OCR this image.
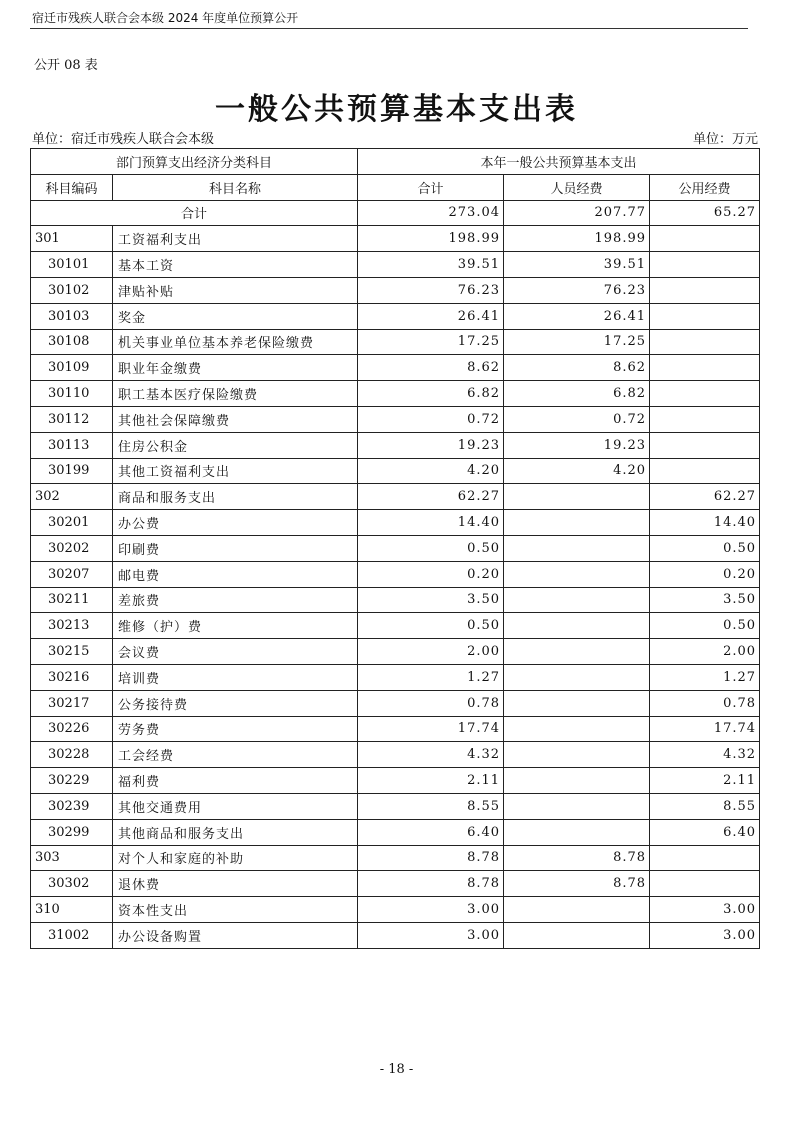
宿迁市残疾人联合会本级 2024 年度单位预算公开
公开 08 表
一般公共预算基本支出表
单位：宿迁市残疾人联合会本级	单位：万元
部门预算支出经济分类科目		本年一般公共预算基本支出		
科目编码	科目名称	合计	人员经费	公用经费
合计		273.04	207.77	65.27
301	工资福利支出	198.99	198.99	
30101	基本工资	39.51	39.51	
30102	津贴补贴	76.23	76.23	
30103	奖金	26.41	26.41	
30108	机关事业单位基本养老保险缴费	17.25	17.25	
30109	职业年金缴费	8.62	8.62	
30110	职工基本医疗保险缴费	6.82	6.82	
30112	其他社会保障缴费	0.72	0.72	
30113	住房公积金	19.23	19.23	
30199	其他工资福利支出	4.20	4.20	
302	商品和服务支出	62.27		62.27
30201	办公费	14.40		14.40
30202	印刷费	0.50		0.50
30207	邮电费	0.20		0.20
30211	差旅费	3.50		3.50
30213	维修（护）费	0.50		0.50
30215	会议费	2.00		2.00
30216	培训费	1.27		1.27
30217	公务接待费	0.78		0.78
30226	劳务费	17.74		17.74
30228	工会经费	4.32		4.32
30229	福利费	2.11		2.11
30239	其他交通费用	8.55		8.55
30299	其他商品和服务支出	6.40		6.40
303	对个人和家庭的补助	8.78	8.78	
30302	退休费	8.78	8.78	
310	资本性支出	3.00		3.00
31002	办公设备购置	3.00		3.00
- 18 -
